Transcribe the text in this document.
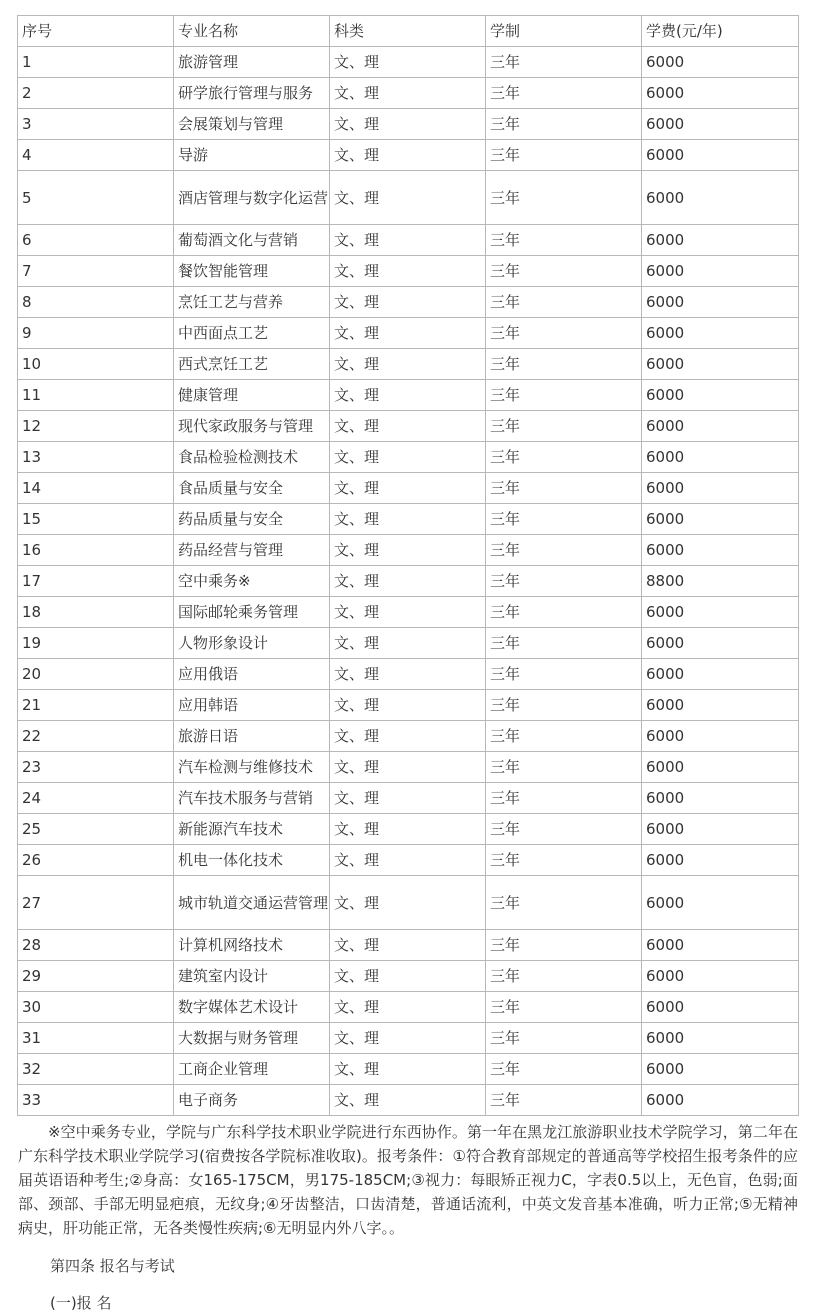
序号	专业名称	科类	学制	学费(元/年)
1	旅游管理	文、理	三年	6000
2	研学旅行管理与服务	文、理	三年	6000
3	会展策划与管理	文、理	三年	6000
4	导游	文、理	三年	6000
5	酒店管理与数字化运营	文、理	三年	6000
6	葡萄酒文化与营销	文、理	三年	6000
7	餐饮智能管理	文、理	三年	6000
8	烹饪工艺与营养	文、理	三年	6000
9	中西面点工艺	文、理	三年	6000
10	西式烹饪工艺	文、理	三年	6000
11	健康管理	文、理	三年	6000
12	现代家政服务与管理	文、理	三年	6000
13	食品检验检测技术	文、理	三年	6000
14	食品质量与安全	文、理	三年	6000
15	药品质量与安全	文、理	三年	6000
16	药品经营与管理	文、理	三年	6000
17	空中乘务※	文、理	三年	8800
18	国际邮轮乘务管理	文、理	三年	6000
19	人物形象设计	文、理	三年	6000
20	应用俄语	文、理	三年	6000
21	应用韩语	文、理	三年	6000
22	旅游日语	文、理	三年	6000
23	汽车检测与维修技术	文、理	三年	6000
24	汽车技术服务与营销	文、理	三年	6000
25	新能源汽车技术	文、理	三年	6000
26	机电一体化技术	文、理	三年	6000
27	城市轨道交通运营管理	文、理	三年	6000
28	计算机网络技术	文、理	三年	6000
29	建筑室内设计	文、理	三年	6000
30	数字媒体艺术设计	文、理	三年	6000
31	大数据与财务管理	文、理	三年	6000
32	工商企业管理	文、理	三年	6000
33	电子商务	文、理	三年	6000

※空中乘务专业，学院与广东科学技术职业学院进行东西协作。第一年在黑龙江旅游职业技术学院学习，第二年在广东科学技术职业学院学习(宿费按各学院标准收取)。报考条件：①符合教育部规定的普通高等学校招生报考条件的应届英语语种考生;②身高：女165-175CM，男175-185CM;③视力：每眼矫正视力C，字表0.5以上，无色盲，色弱;面部、颈部、手部无明显疤痕，无纹身;④牙齿整洁，口齿清楚，普通话流利，中英文发音基本准确，听力正常;⑤无精神病史，肝功能正常，无各类慢性疾病;⑥无明显内外八字。。

第四条 报名与考试

(一)报 名
